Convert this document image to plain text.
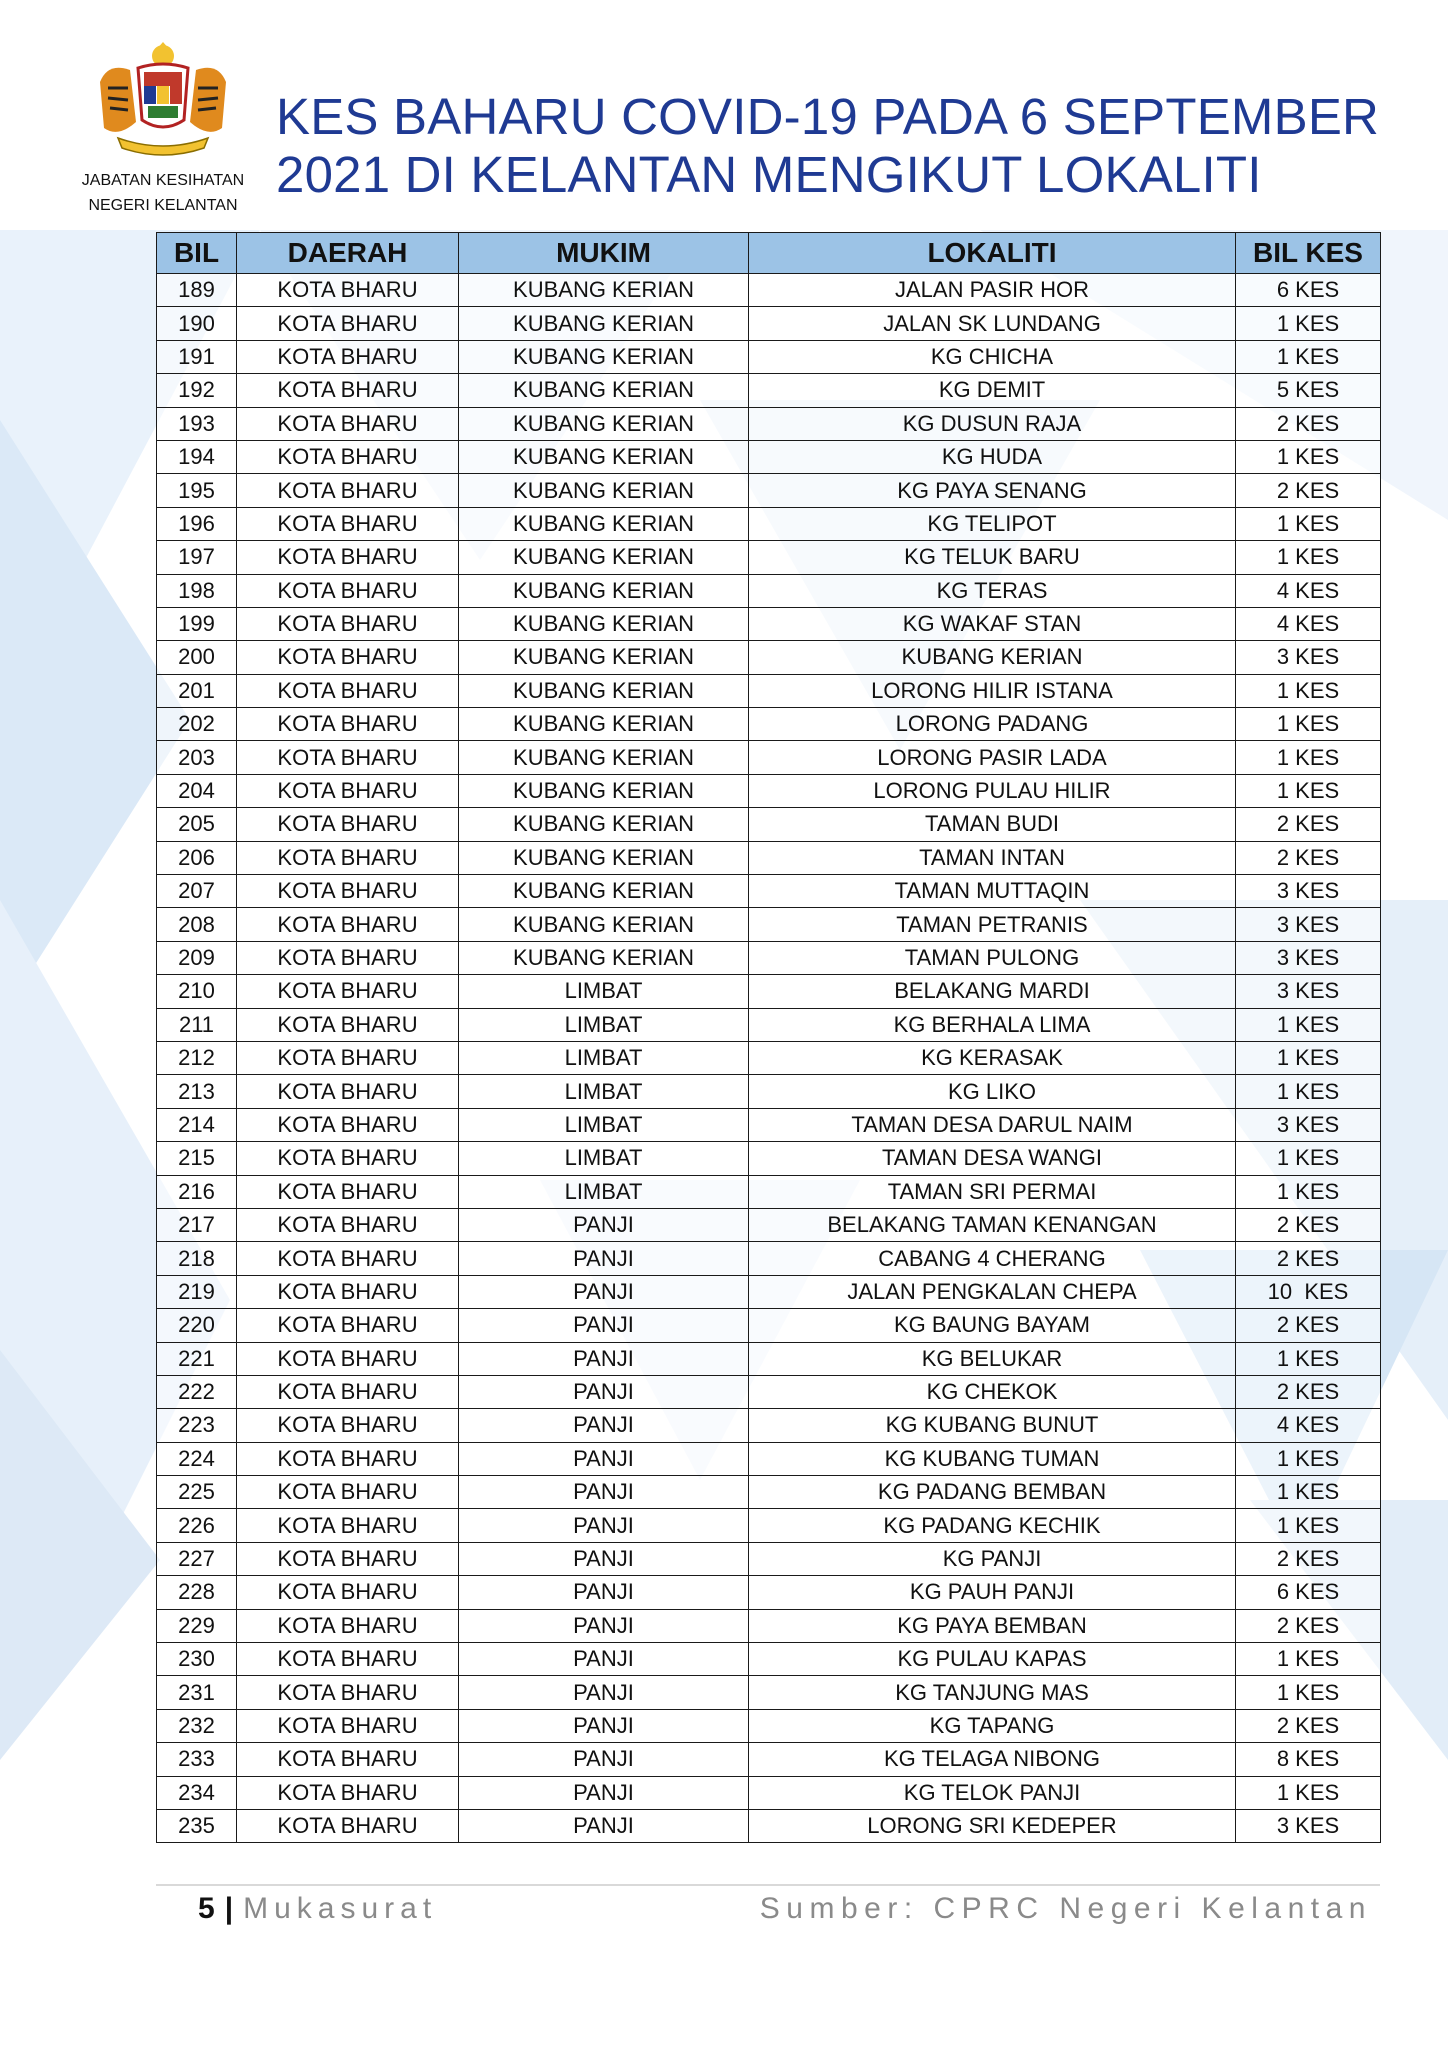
JABATAN KESIHATAN
NEGERI KELANTAN
KES BAHARU COVID-19 PADA 6 SEPTEMBER
2021 DI KELANTAN MENGIKUT LOKALITI
BIL	DAERAH	MUKIM	LOKALITI	BIL KES
189	KOTA BHARU	KUBANG KERIAN	JALAN PASIR HOR	6 KES
190	KOTA BHARU	KUBANG KERIAN	JALAN SK LUNDANG	1 KES
191	KOTA BHARU	KUBANG KERIAN	KG CHICHA	1 KES
192	KOTA BHARU	KUBANG KERIAN	KG DEMIT	5 KES
193	KOTA BHARU	KUBANG KERIAN	KG DUSUN RAJA	2 KES
194	KOTA BHARU	KUBANG KERIAN	KG HUDA	1 KES
195	KOTA BHARU	KUBANG KERIAN	KG PAYA SENANG	2 KES
196	KOTA BHARU	KUBANG KERIAN	KG TELIPOT	1 KES
197	KOTA BHARU	KUBANG KERIAN	KG TELUK BARU	1 KES
198	KOTA BHARU	KUBANG KERIAN	KG TERAS	4 KES
199	KOTA BHARU	KUBANG KERIAN	KG WAKAF STAN	4 KES
200	KOTA BHARU	KUBANG KERIAN	KUBANG KERIAN	3 KES
201	KOTA BHARU	KUBANG KERIAN	LORONG HILIR ISTANA	1 KES
202	KOTA BHARU	KUBANG KERIAN	LORONG PADANG	1 KES
203	KOTA BHARU	KUBANG KERIAN	LORONG PASIR LADA	1 KES
204	KOTA BHARU	KUBANG KERIAN	LORONG PULAU HILIR	1 KES
205	KOTA BHARU	KUBANG KERIAN	TAMAN BUDI	2 KES
206	KOTA BHARU	KUBANG KERIAN	TAMAN INTAN	2 KES
207	KOTA BHARU	KUBANG KERIAN	TAMAN MUTTAQIN	3 KES
208	KOTA BHARU	KUBANG KERIAN	TAMAN PETRANIS	3 KES
209	KOTA BHARU	KUBANG KERIAN	TAMAN PULONG	3 KES
210	KOTA BHARU	LIMBAT	BELAKANG MARDI	3 KES
211	KOTA BHARU	LIMBAT	KG BERHALA LIMA	1 KES
212	KOTA BHARU	LIMBAT	KG KERASAK	1 KES
213	KOTA BHARU	LIMBAT	KG LIKO	1 KES
214	KOTA BHARU	LIMBAT	TAMAN DESA DARUL NAIM	3 KES
215	KOTA BHARU	LIMBAT	TAMAN DESA WANGI	1 KES
216	KOTA BHARU	LIMBAT	TAMAN SRI PERMAI	1 KES
217	KOTA BHARU	PANJI	BELAKANG TAMAN KENANGAN	2 KES
218	KOTA BHARU	PANJI	CABANG 4 CHERANG	2 KES
219	KOTA BHARU	PANJI	JALAN PENGKALAN CHEPA	10  KES
220	KOTA BHARU	PANJI	KG BAUNG BAYAM	2 KES
221	KOTA BHARU	PANJI	KG BELUKAR	1 KES
222	KOTA BHARU	PANJI	KG CHEKOK	2 KES
223	KOTA BHARU	PANJI	KG KUBANG BUNUT	4 KES
224	KOTA BHARU	PANJI	KG KUBANG TUMAN	1 KES
225	KOTA BHARU	PANJI	KG PADANG BEMBAN	1 KES
226	KOTA BHARU	PANJI	KG PADANG KECHIK	1 KES
227	KOTA BHARU	PANJI	KG PANJI	2 KES
228	KOTA BHARU	PANJI	KG PAUH PANJI	6 KES
229	KOTA BHARU	PANJI	KG PAYA BEMBAN	2 KES
230	KOTA BHARU	PANJI	KG PULAU KAPAS	1 KES
231	KOTA BHARU	PANJI	KG TANJUNG MAS	1 KES
232	KOTA BHARU	PANJI	KG TAPANG	2 KES
233	KOTA BHARU	PANJI	KG TELAGA NIBONG	8 KES
234	KOTA BHARU	PANJI	KG TELOK PANJI	1 KES
235	KOTA BHARU	PANJI	LORONG SRI KEDEPER	3 KES
5 | Mukasurat	Sumber: CPRC Negeri Kelantan
